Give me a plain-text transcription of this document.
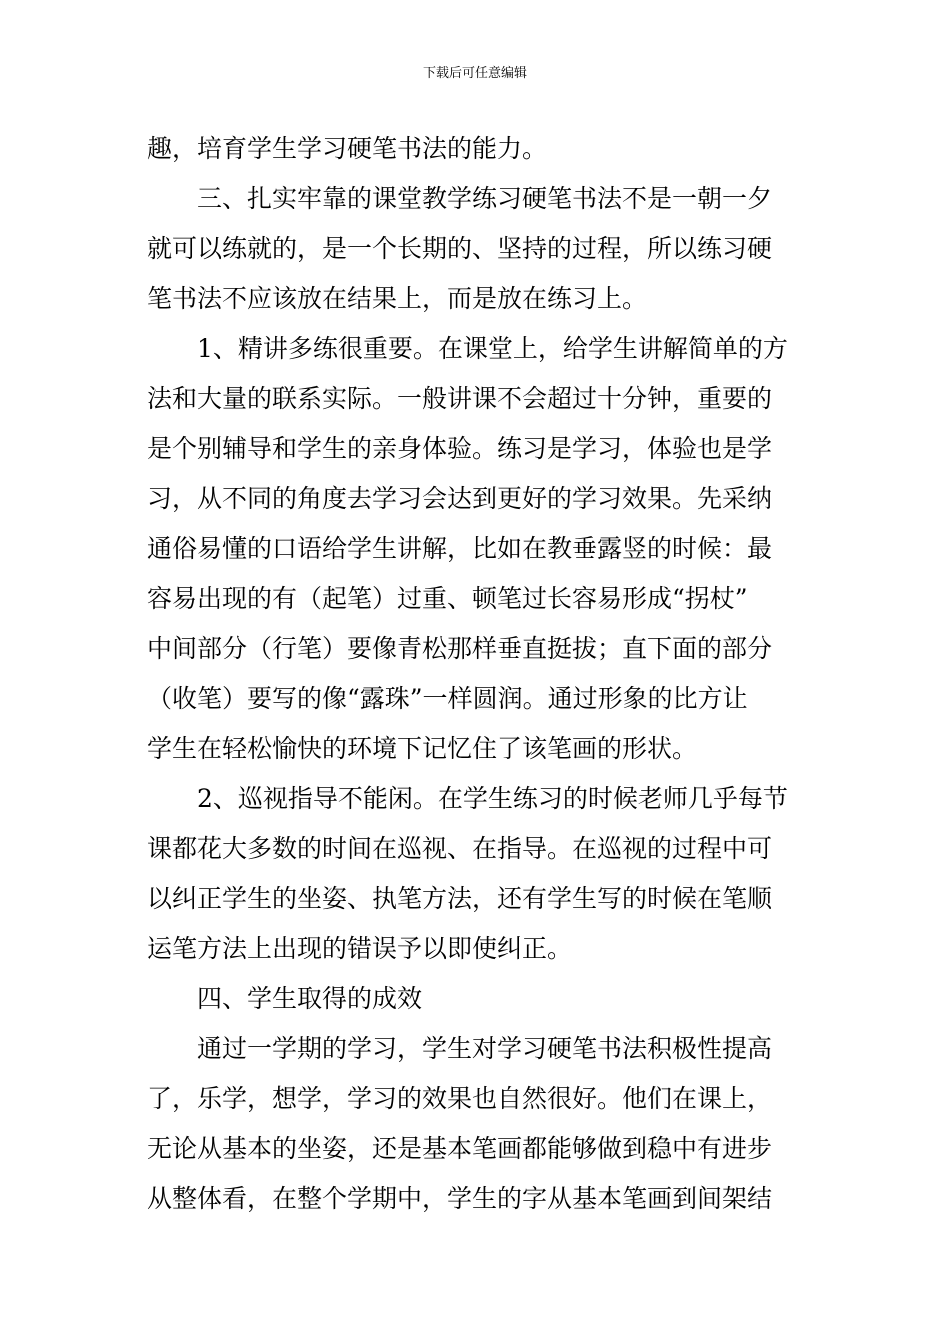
下载后可任意编辑
趣，培育学生学习硬笔书法的能力。
三、扎实牢靠的课堂教学练习硬笔书法不是一朝一夕
就可以练就的，是一个长期的、坚持的过程，所以练习硬
笔书法不应该放在结果上，而是放在练习上。
1、精讲多练很重要。在课堂上，给学生讲解简单的方
法和大量的联系实际。一般讲课不会超过十分钟，重要的
是个别辅导和学生的亲身体验。练习是学习，体验也是学
习，从不同的角度去学习会达到更好的学习效果。先采纳
通俗易懂的口语给学生讲解，比如在教垂露竖的时候：最
容易出现的有（起笔）过重、顿笔过长容易形成“拐杖”
中间部分（行笔）要像青松那样垂直挺拔；直下面的部分
（收笔）要写的像“露珠”一样圆润。通过形象的比方让
学生在轻松愉快的环境下记忆住了该笔画的形状。
2、巡视指导不能闲。在学生练习的时候老师几乎每节
课都花大多数的时间在巡视、在指导。在巡视的过程中可
以纠正学生的坐姿、执笔方法，还有学生写的时候在笔顺
运笔方法上出现的错误予以即使纠正。
四、学生取得的成效
通过一学期的学习，学生对学习硬笔书法积极性提高
了，乐学，想学，学习的效果也自然很好。他们在课上，
无论从基本的坐姿，还是基本笔画都能够做到稳中有进步
从整体看，在整个学期中，学生的字从基本笔画到间架结
